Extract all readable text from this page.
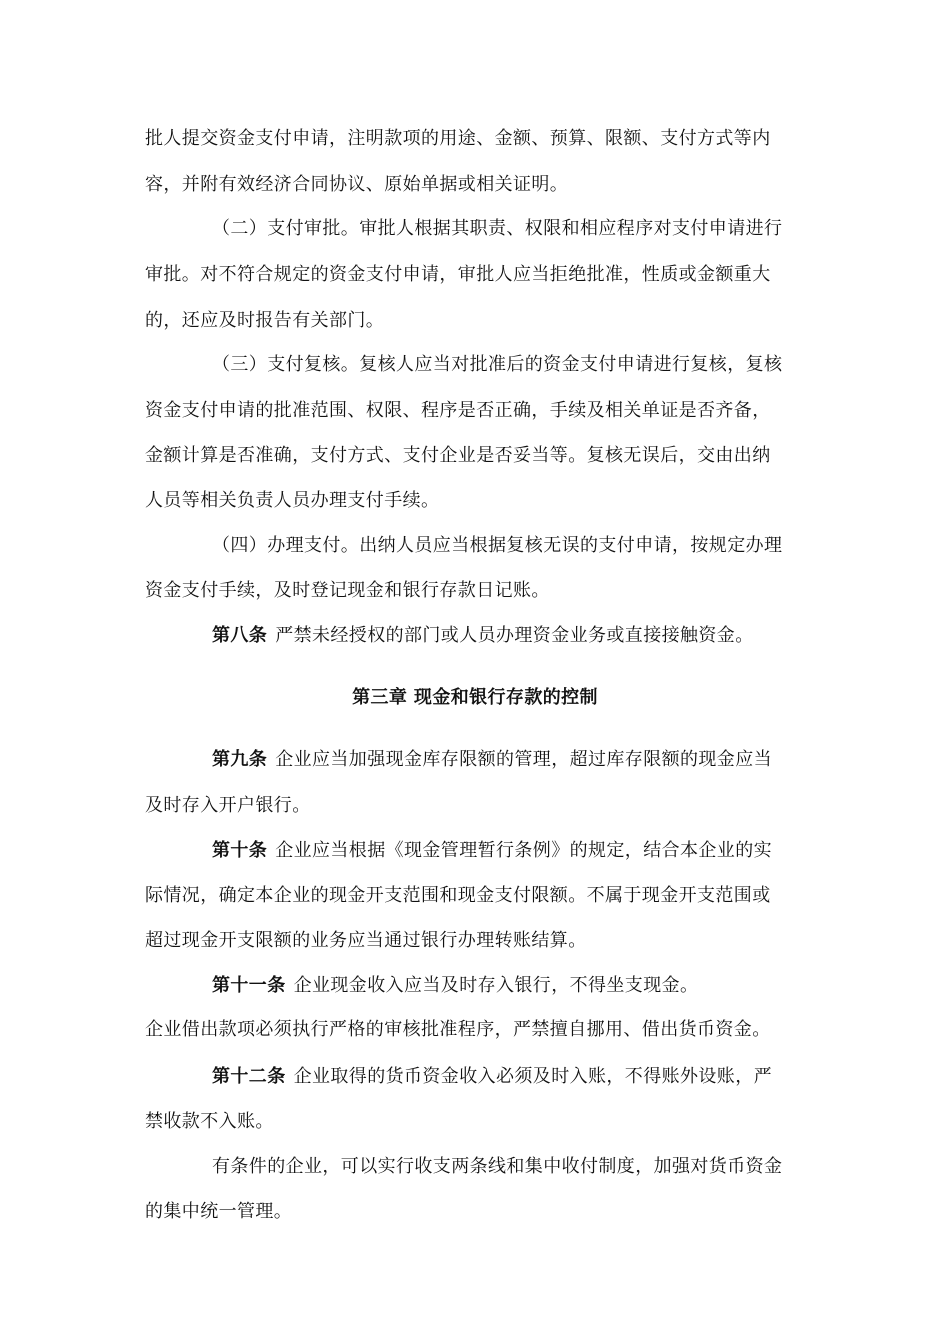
批人提交资金支付申请，注明款项的用途、金额、预算、限额、支付方式等内
容，并附有效经济合同协议、原始单据或相关证明。
（二）支付审批。审批人根据其职责、权限和相应程序对支付申请进行
审批。对不符合规定的资金支付申请，审批人应当拒绝批准，性质或金额重大
的，还应及时报告有关部门。
（三）支付复核。复核人应当对批准后的资金支付申请进行复核，复核
资金支付申请的批准范围、权限、程序是否正确，手续及相关单证是否齐备，
金额计算是否准确，支付方式、支付企业是否妥当等。复核无误后，交由出纳
人员等相关负责人员办理支付手续。
（四）办理支付。出纳人员应当根据复核无误的支付申请，按规定办理
资金支付手续，及时登记现金和银行存款日记账。
第八条 严禁未经授权的部门或人员办理资金业务或直接接触资金。
第三章 现金和银行存款的控制
第九条 企业应当加强现金库存限额的管理，超过库存限额的现金应当
及时存入开户银行。
第十条 企业应当根据《现金管理暂行条例》的规定，结合本企业的实
际情况，确定本企业的现金开支范围和现金支付限额。不属于现金开支范围或
超过现金开支限额的业务应当通过银行办理转账结算。
第十一条 企业现金收入应当及时存入银行，不得坐支现金。
企业借出款项必须执行严格的审核批准程序，严禁擅自挪用、借出货币资金。
第十二条 企业取得的货币资金收入必须及时入账，不得账外设账，严
禁收款不入账。
有条件的企业，可以实行收支两条线和集中收付制度，加强对货币资金
的集中统一管理。
